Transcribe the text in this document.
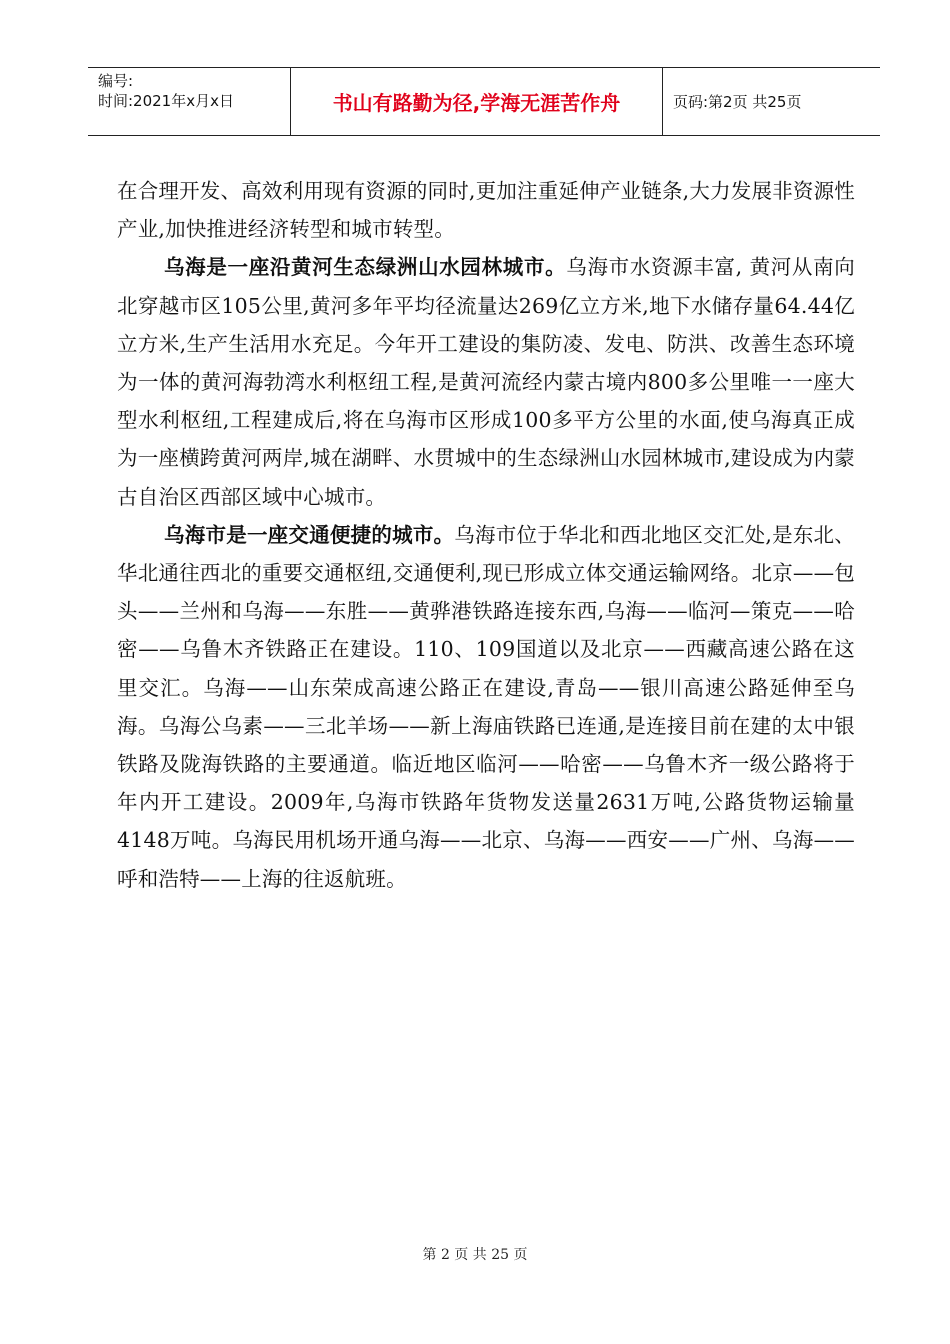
编号:
时间:2021年x月x日	书山有路勤为径,学海无涯苦作舟	页码:第2页 共25页

在合理开发、高效利用现有资源的同时,更加注重延伸产业链条,大力发展非资源性产业,加快推进经济转型和城市转型。

乌海是一座沿黄河生态绿洲山水园林城市。乌海市水资源丰富, 黄河从南向北穿越市区105公里,黄河多年平均径流量达269亿立方米,地下水储存量64.44亿立方米,生产生活用水充足。今年开工建设的集防凌、发电、防洪、改善生态环境为一体的黄河海勃湾水利枢纽工程,是黄河流经内蒙古境内800多公里唯一一座大型水利枢纽,工程建成后,将在乌海市区形成100多平方公里的水面,使乌海真正成为一座横跨黄河两岸,城在湖畔、水贯城中的生态绿洲山水园林城市,建设成为内蒙古自治区西部区域中心城市。

乌海市是一座交通便捷的城市。乌海市位于华北和西北地区交汇处,是东北、华北通往西北的重要交通枢纽,交通便利,现已形成立体交通运输网络。北京——包头——兰州和乌海——东胜——黄骅港铁路连接东西,乌海——临河—策克——哈密——乌鲁木齐铁路正在建设。110、109国道以及北京——西藏高速公路在这里交汇。乌海——山东荣成高速公路正在建设,青岛——银川高速公路延伸至乌海。乌海公乌素——三北羊场——新上海庙铁路已连通,是连接目前在建的太中银铁路及陇海铁路的主要通道。临近地区临河——哈密——乌鲁木齐一级公路将于年内开工建设。2009年,乌海市铁路年货物发送量2631万吨,公路货物运输量4148万吨。乌海民用机场开通乌海——北京、乌海——西安——广州、乌海——呼和浩特——上海的往返航班。

第 2 页 共 25 页
